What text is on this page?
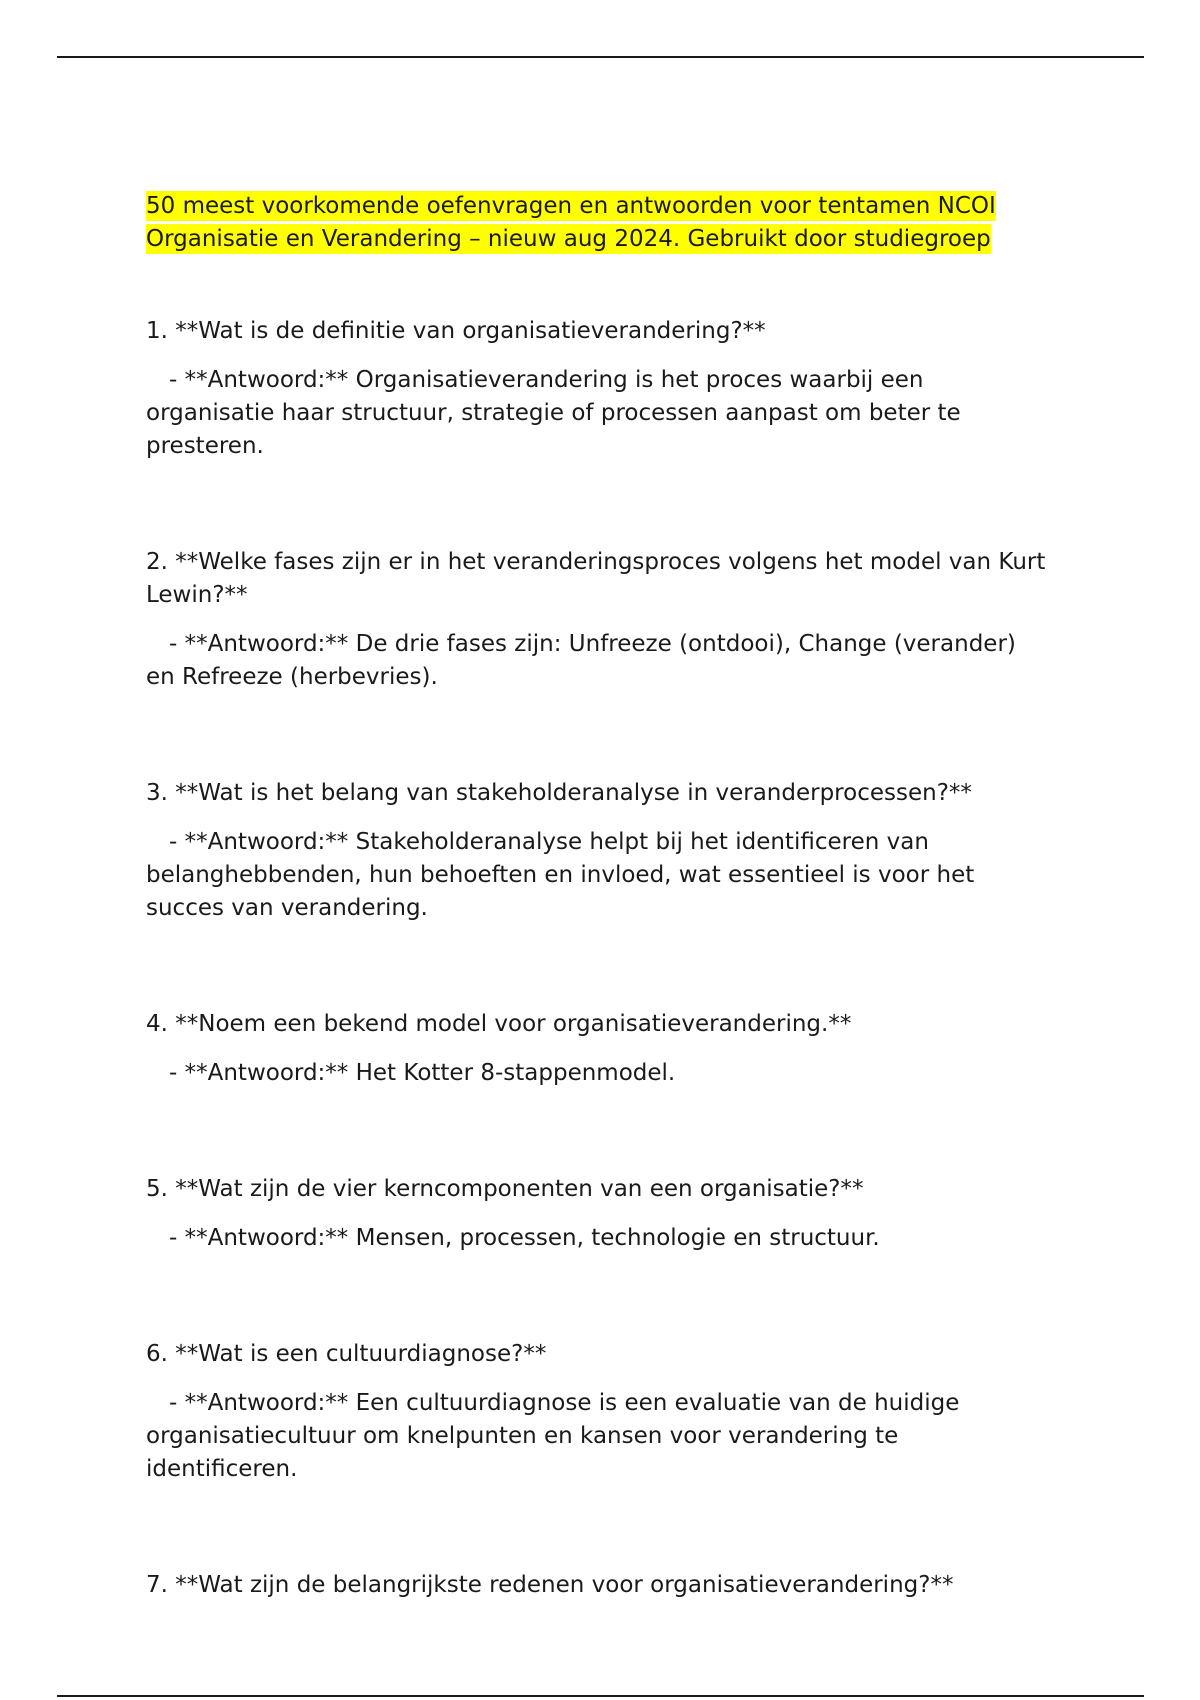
50 meest voorkomende oefenvragen en antwoorden voor tentamen NCOI
Organisatie en Verandering – nieuw aug 2024. Gebruikt door studiegroep

1. **Wat is de definitie van organisatieverandering?**

- **Antwoord:** Organisatieverandering is het proces waarbij een organisatie haar structuur, strategie of processen aanpast om beter te presteren.

2. **Welke fases zijn er in het veranderingsproces volgens het model van Kurt Lewin?**

- **Antwoord:** De drie fases zijn: Unfreeze (ontdooi), Change (verander) en Refreeze (herbevries).

3. **Wat is het belang van stakeholderanalyse in veranderprocessen?**

- **Antwoord:** Stakeholderanalyse helpt bij het identificeren van belanghebbenden, hun behoeften en invloed, wat essentieel is voor het succes van verandering.

4. **Noem een bekend model voor organisatieverandering.**

- **Antwoord:** Het Kotter 8-stappenmodel.

5. **Wat zijn de vier kerncomponenten van een organisatie?**

- **Antwoord:** Mensen, processen, technologie en structuur.

6. **Wat is een cultuurdiagnose?**

- **Antwoord:** Een cultuurdiagnose is een evaluatie van de huidige organisatiecultuur om knelpunten en kansen voor verandering te identificeren.

7. **Wat zijn de belangrijkste redenen voor organisatieverandering?**
